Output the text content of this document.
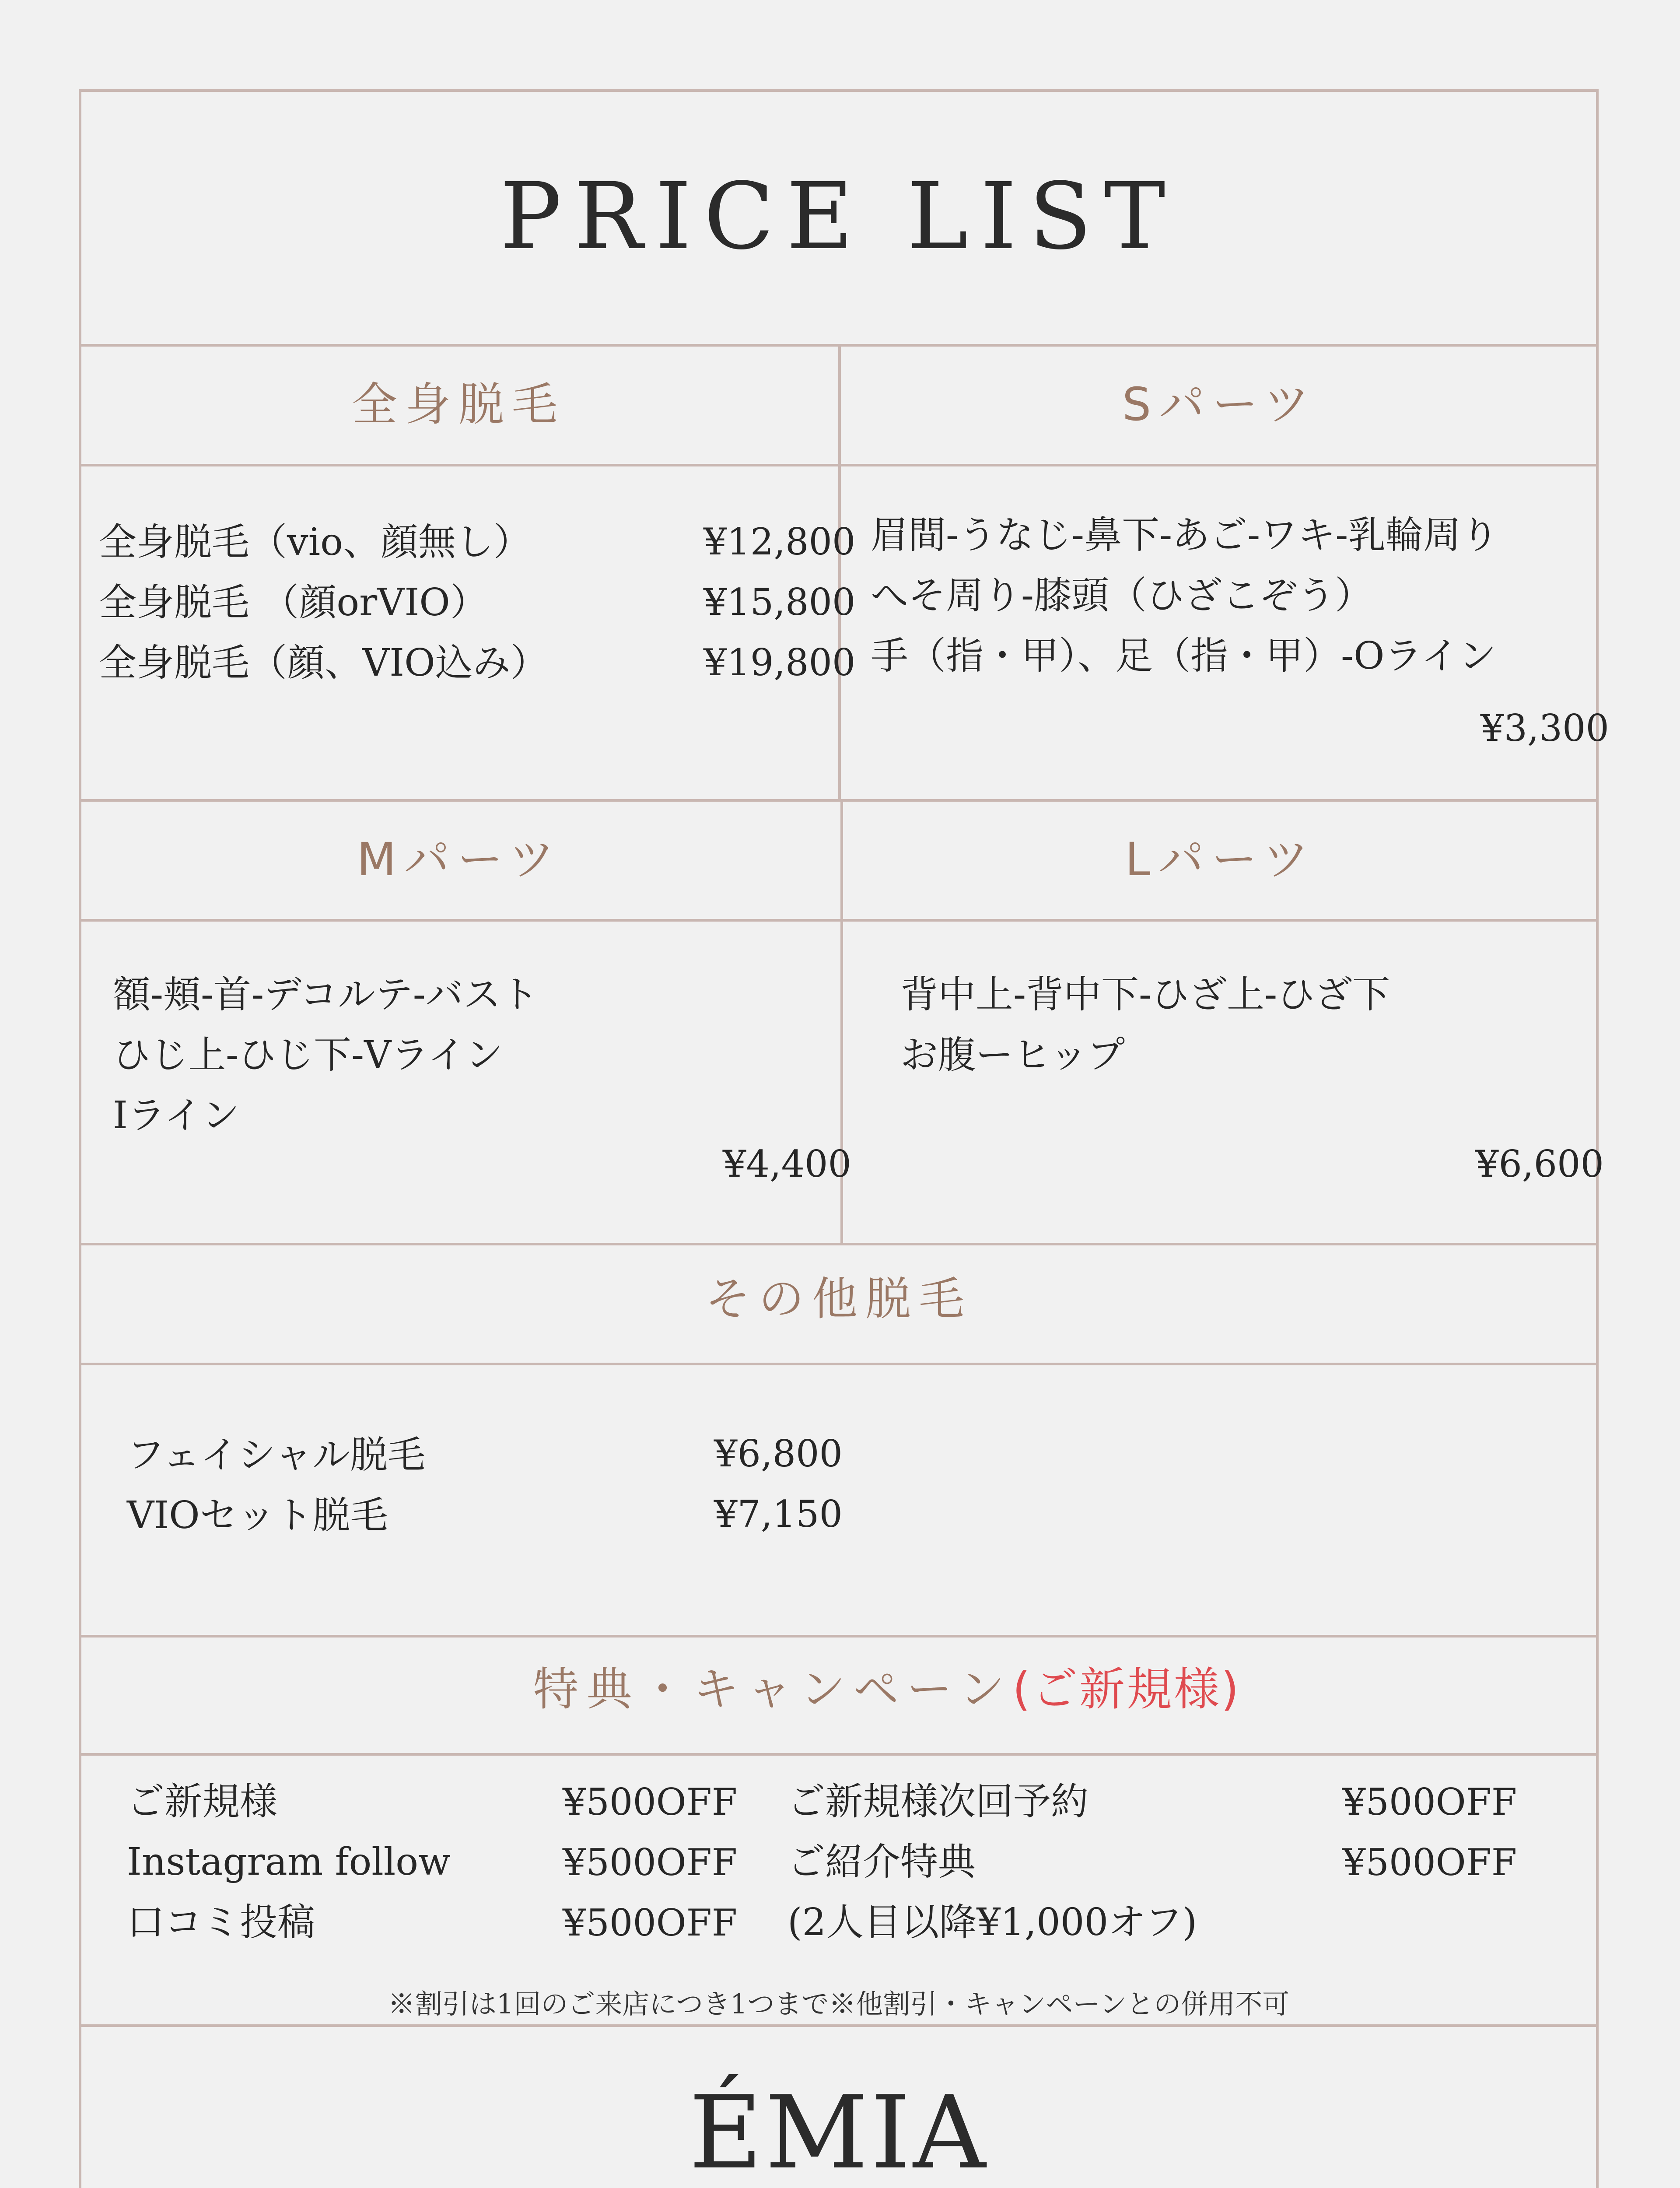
PRICE LIST
全身脱毛	Sパーツ
Mパーツ	Lパーツ
その他脱毛
特典・キャンペーン(ご新規様)
全身脱毛（vio、顔無し）	¥12,800
全身脱毛 （顔orVIO）	¥15,800
全身脱毛（顔、VIO込み）	¥19,800
眉間-うなじ-鼻下-あご-ワキ-乳輪周り
へそ周り-膝頭（ひざこぞう）
手（指・甲）、足（指・甲）-Oライン
¥3,300
額-頬-首-デコルテ-バスト
ひじ上-ひじ下-Vライン
Iライン
¥4,400
背中上-背中下-ひざ上-ひざ下
お腹ーヒップ
¥6,600
フェイシャル脱毛	¥6,800
VIOセット脱毛	¥7,150
ご新規様	¥500OFF
Instagram follow	¥500OFF
口コミ投稿	¥500OFF
ご新規様次回予約	¥500OFF
ご紹介特典	¥500OFF
(2人目以降¥1,000オフ)
※割引は1回のご来店につき1つまで※他割引・キャンペーンとの併用不可
ÉMIA
